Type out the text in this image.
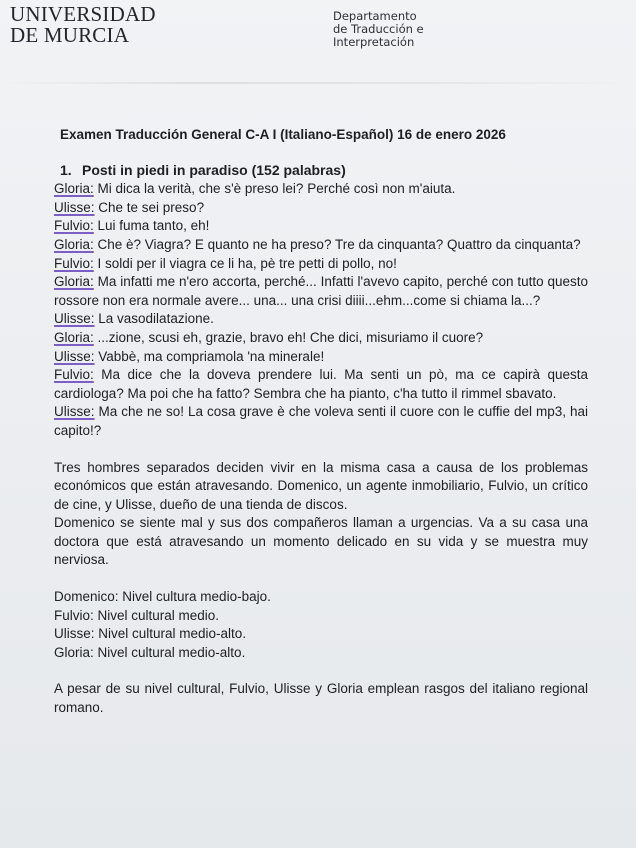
UNIVERSIDAD
DE MURCIA
Departamento
de Traducción e
Interpretación
Examen Traducción General C-A I (Italiano-Español) 16 de enero 2026
1. Posti in piedi in paradiso (152 palabras)
Gloria: Mi dica la verità, che s'è preso lei? Perché così non m'aiuta.
Ulisse: Che te sei preso?
Fulvio: Lui fuma tanto, eh!
Gloria: Che è? Viagra? E quanto ne ha preso? Tre da cinquanta? Quattro da cinquanta?
Fulvio: I soldi per il viagra ce li ha, pè tre petti di pollo, no!
Gloria: Ma infatti me n'ero accorta, perché... Infatti l'avevo capito, perché con tutto questo rossore non era normale avere... una... una crisi diiii...ehm...come si chiama la...?
Ulisse: La vasodilatazione.
Gloria: ...zione, scusi eh, grazie, bravo eh! Che dici, misuriamo il cuore?
Ulisse: Vabbè, ma compriamola 'na minerale!
Fulvio: Ma dice che la doveva prendere lui. Ma senti un pò, ma ce capirà questa cardiologa? Ma poi che ha fatto? Sembra che ha pianto, c'ha tutto il rimmel sbavato.
Ulisse: Ma che ne so! La cosa grave è che voleva senti il cuore con le cuffie del mp3, hai capito!?

Tres hombres separados deciden vivir en la misma casa a causa de los problemas económicos que están atravesando. Domenico, un agente inmobiliario, Fulvio, un crítico de cine, y Ulisse, dueño de una tienda de discos.

Domenico se siente mal y sus dos compañeros llaman a urgencias. Va a su casa una doctora que está atravesando un momento delicado en su vida y se muestra muy nerviosa.

Domenico: Nivel cultura medio-bajo.
Fulvio: Nivel cultural medio.
Ulisse: Nivel cultural medio-alto.
Gloria: Nivel cultural medio-alto.

A pesar de su nivel cultural, Fulvio, Ulisse y Gloria emplean rasgos del italiano regional romano.
